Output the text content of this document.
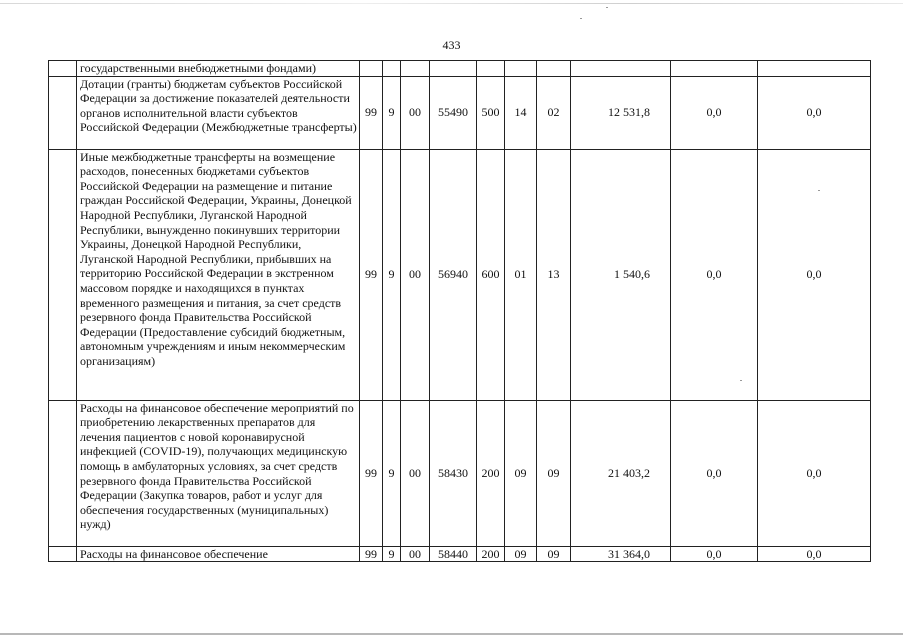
433
	государственными внебюджетными фондами)										
	Дотации (гранты) бюджетам субъектов Российской Федерации за достижение показателей деятельности органов исполнительной власти субъектов Российской Федерации (Межбюджетные трансферты)	99	9	00	55490	500	14	02	12 531,8	0,0	0,0
	Иные межбюджетные трансферты на возмещение расходов, понесенных бюджетами субъектов Российской Федерации на размещение и питание граждан Российской Федерации, Украины, Донецкой Народной Республики, Луганской Народной Республики, вынужденно покинувших территории Украины, Донецкой Народной Республики, Луганской Народной Республики, прибывших на территорию Российской Федерации в экстренном массовом порядке и находящихся в пунктах временного размещения и питания, за счет средств резервного фонда Правительства Российской Федерации (Предоставление субсидий бюджетным, автономным учреждениям и иным некоммерческим организациям)	99	9	00	56940	600	01	13	1 540,6	0,0	0,0
	Расходы на финансовое обеспечение мероприятий по приобретению лекарственных препаратов для лечения пациентов с новой коронавирусной инфекцией (COVID-19), получающих медицинскую помощь в амбулаторных условиях, за счет средств резервного фонда Правительства Российской Федерации (Закупка товаров, работ и услуг для обеспечения государственных (муниципальных) нужд)	99	9	00	58430	200	09	09	21 403,2	0,0	0,0
	Расходы на финансовое обеспечение	99	9	00	58440	200	09	09	31 364,0	0,0	0,0
